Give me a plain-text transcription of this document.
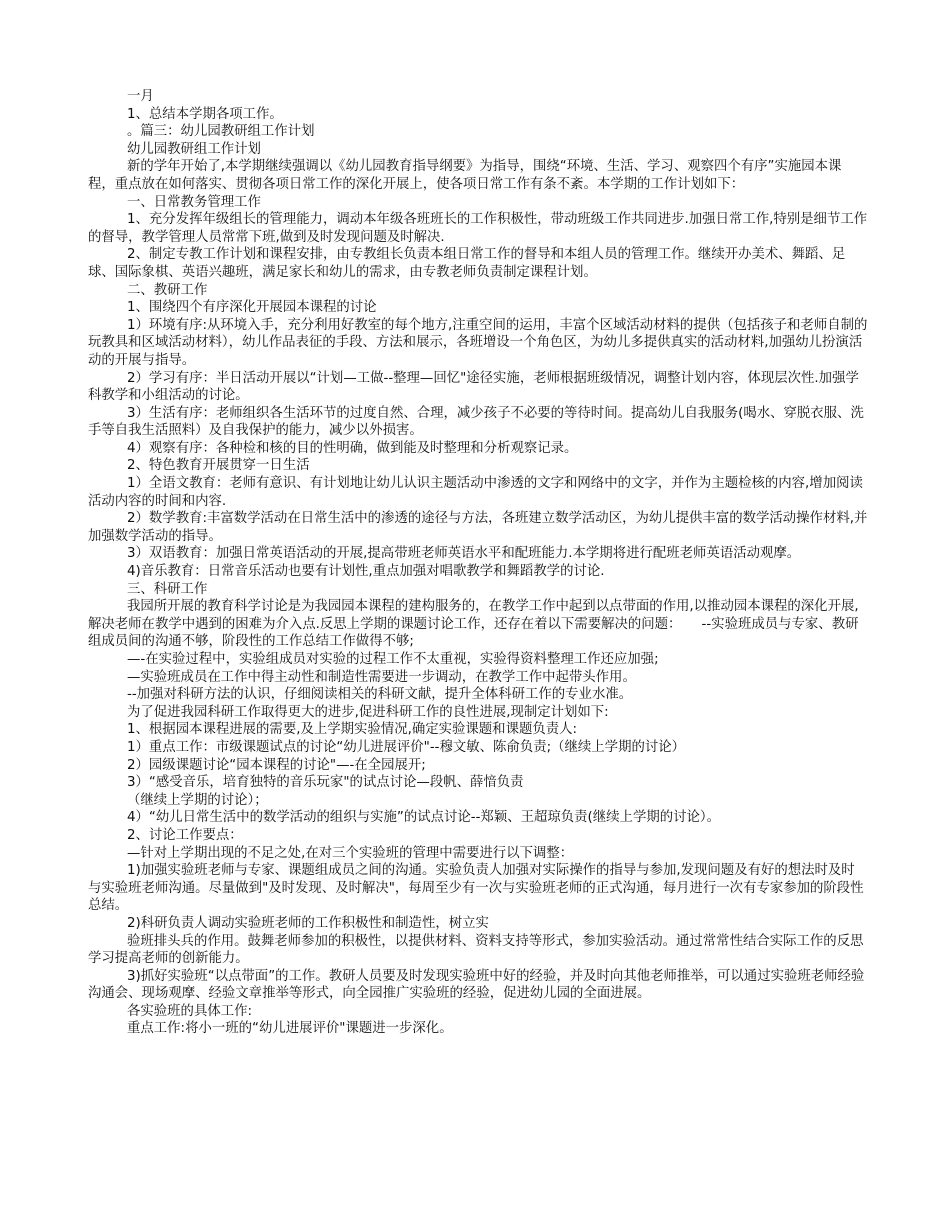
一月

1、总结本学期各项工作。

。篇三：幼儿园教研组工作计划

幼儿园教研组工作计划

新的学年开始了,本学期继续强调以《幼儿园教育指导纲要》为指导，围绕“环境、生活、学习、观察四个有序”实施园本课程，重点放在如何落实、贯彻各项日常工作的深化开展上，使各项日常工作有条不紊。本学期的工作计划如下：

一、日常教务管理工作

1、充分发挥年级组长的管理能力，调动本年级各班班长的工作积极性，带动班级工作共同进步.加强日常工作,特别是细节工作的督导，教学管理人员常常下班,做到及时发现问题及时解决.

2、制定专教工作计划和课程安排，由专教组长负责本组日常工作的督导和本组人员的管理工作。继续开办美术、舞蹈、足球、国际象棋、英语兴趣班，满足家长和幼儿的需求，由专教老师负责制定课程计划。

二、教研工作

1、围绕四个有序深化开展园本课程的讨论

1）环境有序:从环境入手，充分利用好教室的每个地方,注重空间的运用，丰富个区域活动材料的提供（包括孩子和老师自制的玩教具和区域活动材料），幼儿作品表征的手段、方法和展示，各班增设一个角色区，为幼儿多提供真实的活动材料,加强幼儿扮演活动的开展与指导。

2）学习有序：半日活动开展以“计划—工做--整理—回忆"途径实施，老师根据班级情况，调整计划内容，体现层次性.加强学科教学和小组活动的讨论。

3）生活有序：老师组织各生活环节的过度自然、合理，减少孩子不必要的等待时间。提高幼儿自我服务(喝水、穿脱衣服、洗手等自我生活照料）及自我保护的能力，减少以外损害。

4）观察有序：各种检和核的目的性明确，做到能及时整理和分析观察记录。

2、特色教育开展贯穿一日生活

1）全语文教育：老师有意识、有计划地让幼儿认识主题活动中渗透的文字和网络中的文字，并作为主题检核的内容,增加阅读活动内容的时间和内容.

2）数学教育:丰富数学活动在日常生活中的渗透的途径与方法，各班建立数学活动区，为幼儿提供丰富的数学活动操作材料,并加强数学活动的指导。

3）双语教育：加强日常英语活动的开展,提高带班老师英语水平和配班能力.本学期将进行配班老师英语活动观摩。

4)音乐教育：日常音乐活动也要有计划性,重点加强对唱歌教学和舞蹈教学的讨论.

三、科研工作

我园所开展的教育科学讨论是为我园园本课程的建构服务的，在教学工作中起到以点带面的作用,以推动园本课程的深化开展,解决老师在教学中遇到的困难为介入点.反思上学期的课题讨论工作，还存在着以下需要解决的问题：　　--实验班成员与专家、教研组成员间的沟通不够，阶段性的工作总结工作做得不够;

—-在实验过程中，实验组成员对实验的过程工作不太重视，实验得资料整理工作还应加强;

—实验班成员在工作中得主动性和制造性需要进一步调动，在教学工作中起带头作用。

--加强对科研方法的认识，仔细阅读相关的科研文献，提升全体科研工作的专业水准。

为了促进我园科研工作取得更大的进步,促进科研工作的良性进展,现制定计划如下:

1、根据园本课程进展的需要,及上学期实验情况,确定实验课题和课题负责人:

1）重点工作：市级课题试点的讨论“幼儿进展评价"--穆文敏、陈俞负责;（继续上学期的讨论）

2）园级课题讨论“园本课程的讨论"—-在全园展开;

3）“感受音乐，培育独特的音乐玩家"的试点讨论—段帆、薛愔负责

（继续上学期的讨论）；

4）“幼儿日常生活中的数学活动的组织与实施”的试点讨论--郑颖、王超琼负责(继续上学期的讨论）。

2、讨论工作要点：

—针对上学期出现的不足之处,在对三个实验班的管理中需要进行以下调整：

1)加强实验班老师与专家、课题组成员之间的沟通。实验负责人加强对实际操作的指导与参加,发现问题及有好的想法时及时与实验班老师沟通。尽量做到"及时发现、及时解决"，每周至少有一次与实验班老师的正式沟通，每月进行一次有专家参加的阶段性总结。

2)科研负责人调动实验班老师的工作积极性和制造性，树立实

验班排头兵的作用。鼓舞老师参加的积极性，以提供材料、资料支持等形式，参加实验活动。通过常常性结合实际工作的反思学习提高老师的创新能力。

3)抓好实验班“以点带面”的工作。教研人员要及时发现实验班中好的经验，并及时向其他老师推举，可以通过实验班老师经验沟通会、现场观摩、经验文章推举等形式，向全园推广实验班的经验，促进幼儿园的全面进展。

各实验班的具体工作:

重点工作:将小一班的“幼儿进展评价"课题进一步深化。
